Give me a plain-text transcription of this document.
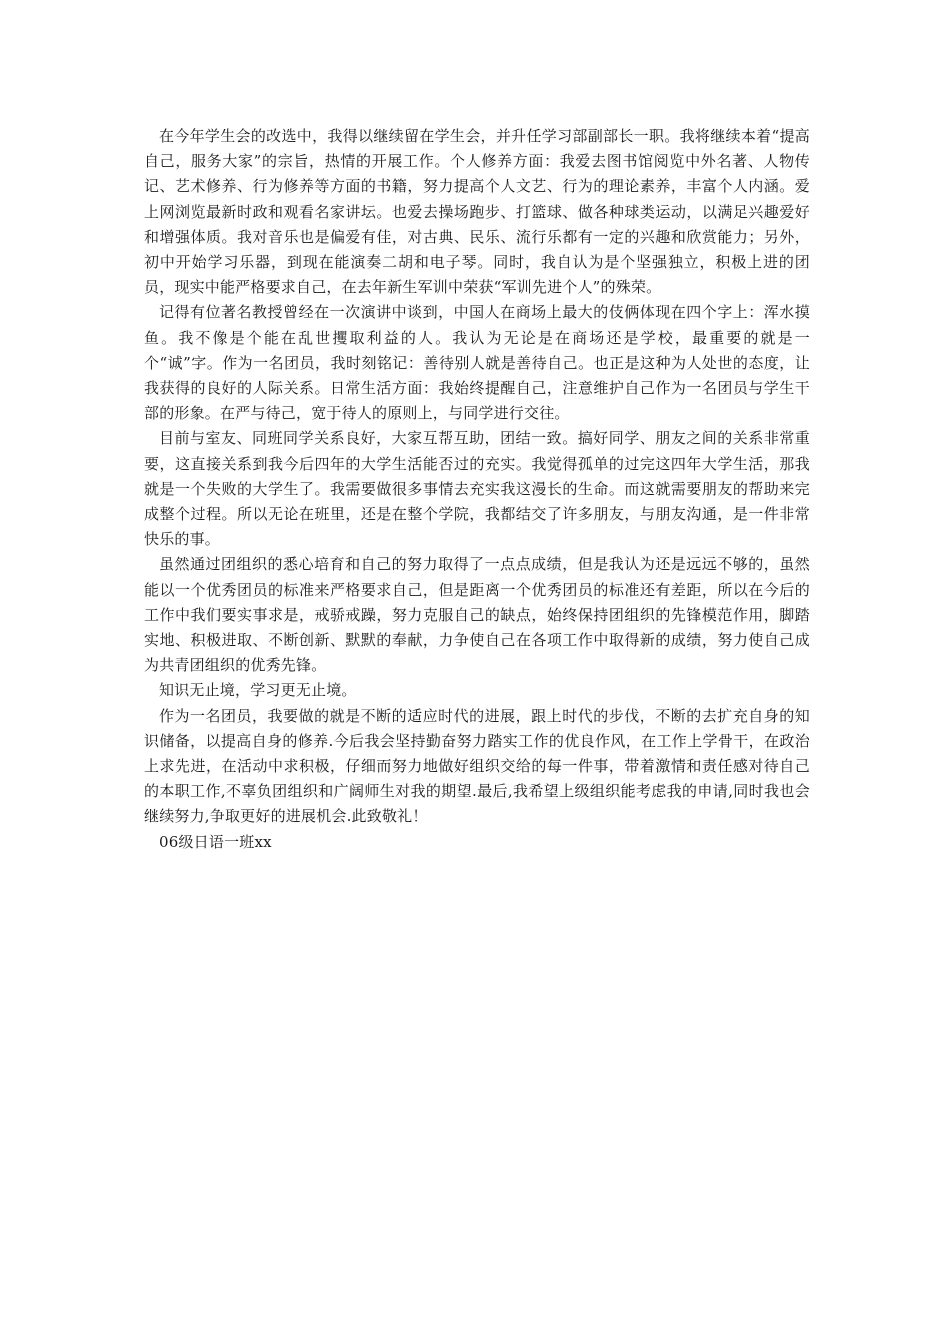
在今年学生会的改选中，我得以继续留在学生会，并升任学习部副部长一职。我将继续本着“提高自己，服务大家”的宗旨，热情的开展工作。个人修养方面：我爱去图书馆阅览中外名著、人物传记、艺术修养、行为修养等方面的书籍，努力提高个人文艺、行为的理论素养，丰富个人内涵。爱上网浏览最新时政和观看名家讲坛。也爱去操场跑步、打篮球、做各种球类运动，以满足兴趣爱好和增强体质。我对音乐也是偏爱有佳，对古典、民乐、流行乐都有一定的兴趣和欣赏能力；另外，初中开始学习乐器，到现在能演奏二胡和电子琴。同时，我自认为是个坚强独立，积极上进的团员，现实中能严格要求自己，在去年新生军训中荣获“军训先进个人”的殊荣。

记得有位著名教授曾经在一次演讲中谈到，中国人在商场上最大的伎俩体现在四个字上：浑水摸鱼。我不像是个能在乱世攫取利益的人。我认为无论是在商场还是学校，最重要的就是一个“诚”字。作为一名团员，我时刻铭记：善待别人就是善待自己。也正是这种为人处世的态度，让我获得的良好的人际关系。日常生活方面：我始终提醒自己，注意维护自己作为一名团员与学生干部的形象。在严与待己，宽于待人的原则上，与同学进行交往。

目前与室友、同班同学关系良好，大家互帮互助，团结一致。搞好同学、朋友之间的关系非常重要，这直接关系到我今后四年的大学生活能否过的充实。我觉得孤单的过完这四年大学生活，那我就是一个失败的大学生了。我需要做很多事情去充实我这漫长的生命。而这就需要朋友的帮助来完成整个过程。所以无论在班里，还是在整个学院，我都结交了许多朋友，与朋友沟通，是一件非常快乐的事。

虽然通过团组织的悉心培育和自己的努力取得了一点点成绩，但是我认为还是远远不够的，虽然能以一个优秀团员的标准来严格要求自己，但是距离一个优秀团员的标准还有差距，所以在今后的工作中我们要实事求是，戒骄戒躁，努力克服自己的缺点，始终保持团组织的先锋模范作用，脚踏实地、积极进取、不断创新、默默的奉献，力争使自己在各项工作中取得新的成绩，努力使自己成为共青团组织的优秀先锋。

知识无止境，学习更无止境。

作为一名团员，我要做的就是不断的适应时代的进展，跟上时代的步伐，不断的去扩充自身的知识储备，以提高自身的修养.今后我会坚持勤奋努力踏实工作的优良作风，在工作上学骨干，在政治上求先进，在活动中求积极，仔细而努力地做好组织交给的每一件事，带着激情和责任感对待自己的本职工作,不辜负团组织和广阔师生对我的期望.最后,我希望上级组织能考虑我的申请,同时我也会继续努力,争取更好的进展机会.此致敬礼！

06级日语一班xx
